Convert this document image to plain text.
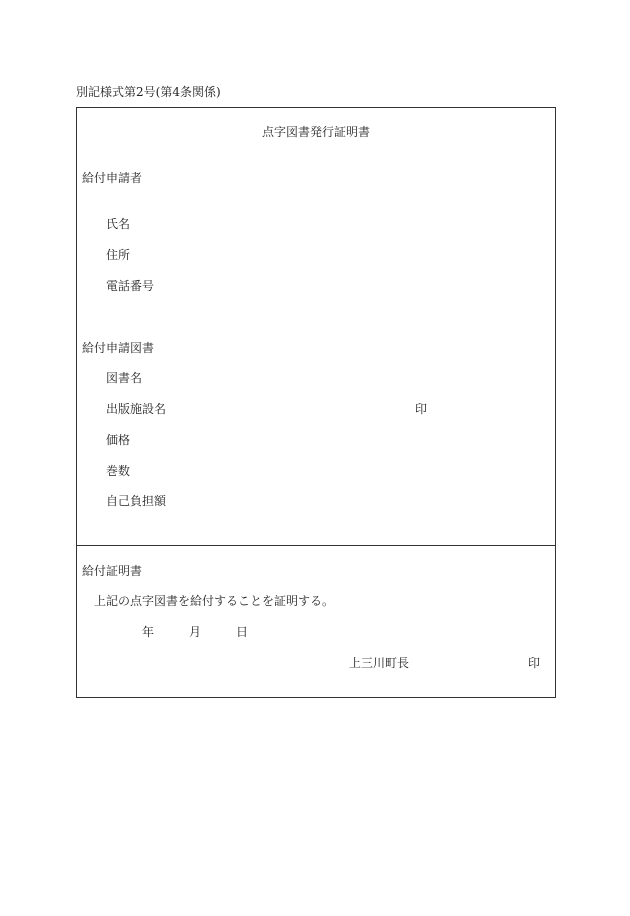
別記様式第2号(第4条関係)
点字図書発行証明書
給付申請者
氏名
住所
電話番号
給付申請図書
図書名
出版施設名	印
価格
巻数
自己負担額
給付証明書
上記の点字図書を給付することを証明する。
年	月	日
上三川町長	印
